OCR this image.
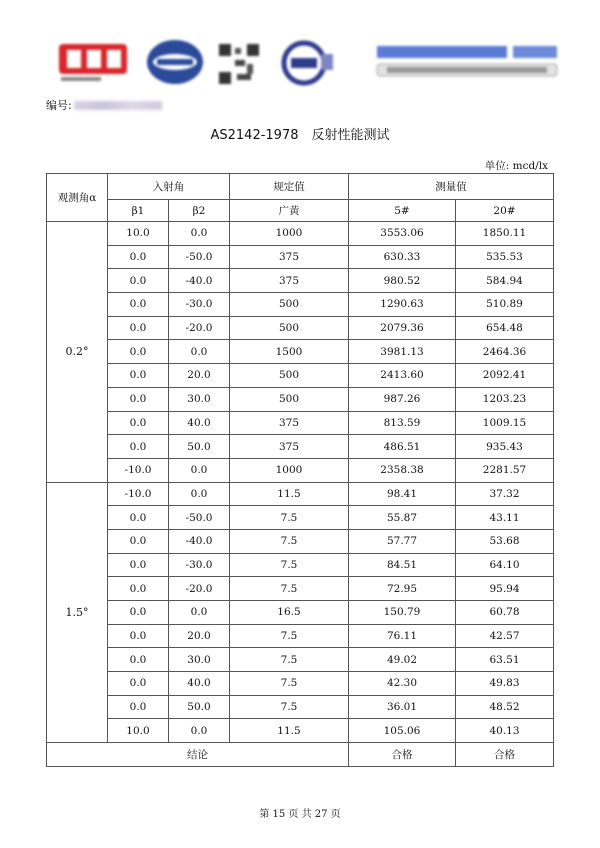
编号:
AS2142-1978　反射性能测试
单位: mcd/lx
观测角α	入射角		规定值	测量值	
	β1	β2	广黄	5#	20#
0.2°	10.0	0.0	1000	3553.06	1850.11
	0.0	-50.0	375	630.33	535.53
	0.0	-40.0	375	980.52	584.94
	0.0	-30.0	500	1290.63	510.89
	0.0	-20.0	500	2079.36	654.48
	0.0	0.0	1500	3981.13	2464.36
	0.0	20.0	500	2413.60	2092.41
	0.0	30.0	500	987.26	1203.23
	0.0	40.0	375	813.59	1009.15
	0.0	50.0	375	486.51	935.43
	-10.0	0.0	1000	2358.38	2281.57
1.5°	-10.0	0.0	11.5	98.41	37.32
	0.0	-50.0	7.5	55.87	43.11
	0.0	-40.0	7.5	57.77	53.68
	0.0	-30.0	7.5	84.51	64.10
	0.0	-20.0	7.5	72.95	95.94
	0.0	0.0	16.5	150.79	60.78
	0.0	20.0	7.5	76.11	42.57
	0.0	30.0	7.5	49.02	63.51
	0.0	40.0	7.5	42.30	49.83
	0.0	50.0	7.5	36.01	48.52
	10.0	0.0	11.5	105.06	40.13
结论				合格	合格
第 15 页 共 27 页
